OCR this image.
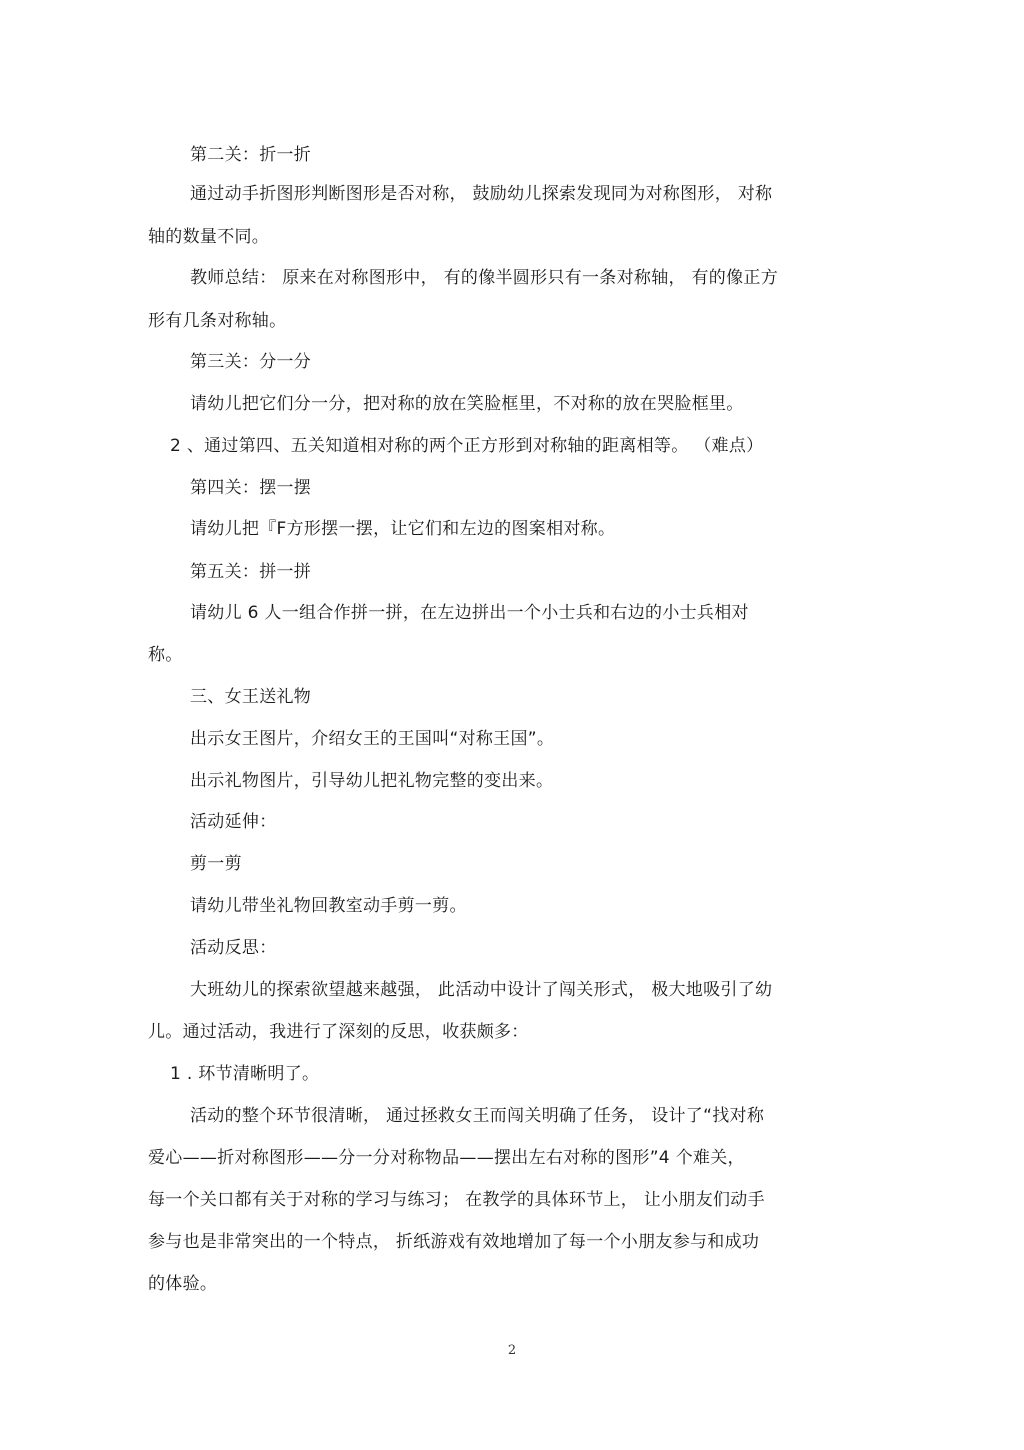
第二关：折一折
通过动手折图形判断图形是否对称， 鼓励幼儿探索发现同为对称图形， 对称
轴的数量不同。
教师总结： 原来在对称图形中， 有的像半圆形只有一条对称轴， 有的像正方
形有几条对称轴。
第三关：分一分
请幼儿把它们分一分，把对称的放在笑脸框里，不对称的放在哭脸框里。
2 、通过第四、五关知道相对称的两个正方形到对称轴的距离相等。 （难点）
第四关：摆一摆
请幼儿把『F方形摆一摆，让它们和左边的图案相对称。
第五关：拼一拼
请幼儿 6 人一组合作拼一拼，在左边拼出一个小士兵和右边的小士兵相对
称。
三、女王送礼物
出示女王图片，介绍女王的王国叫“对称王国”。
出示礼物图片，引导幼儿把礼物完整的变出来。
活动延伸：
剪一剪
请幼儿带坐礼物回教室动手剪一剪。
活动反思：
大班幼儿的探索欲望越来越强， 此活动中设计了闯关形式， 极大地吸引了幼
儿。通过活动，我进行了深刻的反思，收获颇多：
1 . 环节清晰明了。
活动的整个环节很清晰， 通过拯救女王而闯关明确了任务， 设计了“找对称
爱心——折对称图形——分一分对称物品——摆出左右对称的图形”4 个难关，
每一个关口都有关于对称的学习与练习； 在教学的具体环节上， 让小朋友们动手
参与也是非常突出的一个特点， 折纸游戏有效地增加了每一个小朋友参与和成功
的体验。
2
